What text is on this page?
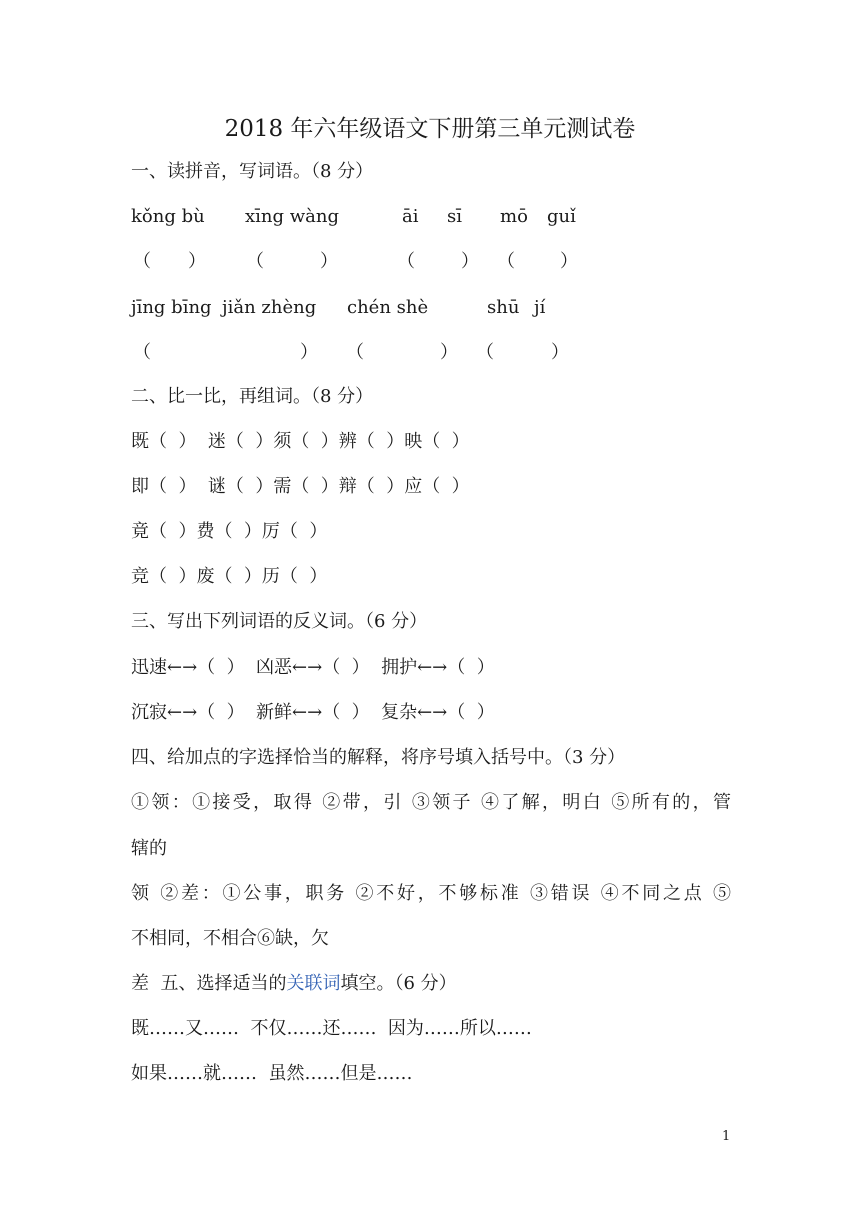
2018 年六年级语文下册第三单元测试卷
一、读拼音，写词语。（8 分）
kǒng bù xīng wàng	āi sī mō guǐ
（ ） （	）	（	） （	）
jīng bīng jiǎn zhèng chén shè	shū jí
（	） （	） （	）
二、比一比，再组词。（8 分）
既（  ）  迷（  ）须（  ）辨（  ）映（  ）
即（  ）  谜（  ）需（  ）辩（  ）应（  ）
竟（  ）费（  ）厉（  ）
竞（  ）废（  ）历（  ）
三、写出下列词语的反义词。（6 分）
迅速←→（  ）  凶恶←→（  ）  拥护←→（  ）
沉寂←→（  ）  新鲜←→（  ）  复杂←→（  ）
四、给加点的字选择恰当的解释，将序号填入括号中。（3 分）
①领：①接受，取得 ②带，引 ③领子 ④了解，明白 ⑤所有的，管
辖的
领 ②差：①公事，职务 ②不好，不够标准 ③错误 ④不同之点 ⑤
不相同，不相合⑥缺，欠
差  五、选择适当的关联词填空。（6 分）
既……又……  不仅……还……  因为……所以……
如果……就……  虽然……但是……
1
